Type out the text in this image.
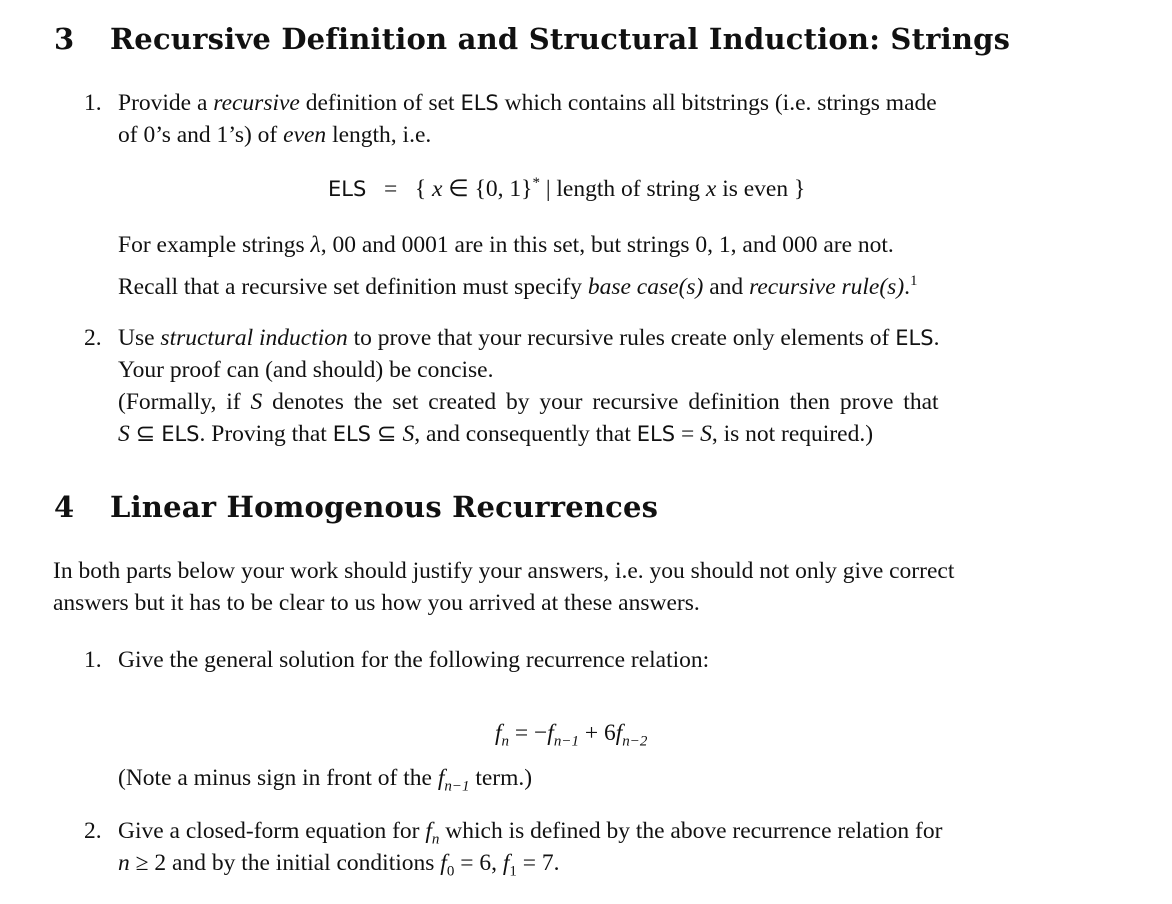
3 Recursive Definition and Structural Induction: Strings
1. Provide a recursive definition of set ELS which contains all bitstrings (i.e. strings made
of 0’s and 1’s) of even length, i.e.
ELS = { x ∈ {0, 1}* | length of string x is even }
For example strings λ, 00 and 0001 are in this set, but strings 0, 1, and 000 are not.
Recall that a recursive set definition must specify base case(s) and recursive rule(s).$^1$
2. Use structural induction to prove that your recursive rules create only elements of ELS.
Your proof can (and should) be concise.
(Formally, if S denotes the set created by your recursive definition then prove that
S ⊆ ELS. Proving that ELS ⊆ S, and consequently that ELS = S, is not required.)
4 Linear Homogenous Recurrences
In both parts below your work should justify your answers, i.e. you should not only give correct
answers but it has to be clear to us how you arrived at these answers.
1. Give the general solution for the following recurrence relation:
$f_n = -f_{n-1} + 6f_{n-2}$
(Note a minus sign in front of the $f_{n-1}$ term.)
2. Give a closed-form equation for $f_n$ which is defined by the above recurrence relation for
n ≥ 2 and by the initial conditions $f_0 = 6$, $f_1 = 7$.
